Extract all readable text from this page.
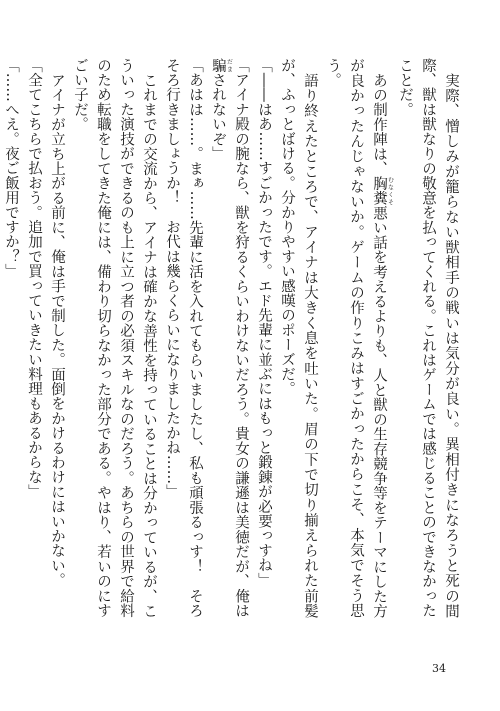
実際、憎しみが籠らない獣相手の戦いは気分が良い。異相付きになろうと死の間際、獣は獣なりの敬意を払ってくれる。これはゲームでは感じることのできなかったことだ。

あの制作陣は、胸糞 むなくそ悪い話を考えるよりも、人と獣の生存競争等をテーマにした方が良かったんじゃないか。ゲームの作りこみはすごかったからこそ、本気でそう思う。

語り終えたところで、アイナは大きく息を吐いた。眉の下で切り揃えられた前髪が、ふっとばける。分かりやすい感嘆のポーズだ。

「――はあ……すごかったです。エド先輩に並ぶにはもっと鍛錬が必要っすね」

「アイナ殿の腕なら、獣を狩るくらいわけないだろう。貴女の謙遜は美徳だが、俺は騙 だまされないぞ」

「あはは……。まぁ……先輩に活を入れてもらいましたし、私も頑張るっす！　そろそろ行きましょうか！　お代は幾らくらいになりましたかね……」

これまでの交流から、アイナは確かな善性を持っていることは分かっているが、こういった演技ができるのも上に立つ者の必須スキルなのだろう。あちらの世界で給料のため転職をしてきた俺には、備わり切らなかった部分である。やはり、若いのにすごい子だ。

アイナが立ち上がる前に、俺は手で制した。面倒をかけるわけにはいかない。

「全てこちらで払おう。追加で買っていきたい料理もあるからな」

「……へえ。夜ご飯用ですか？」

34
